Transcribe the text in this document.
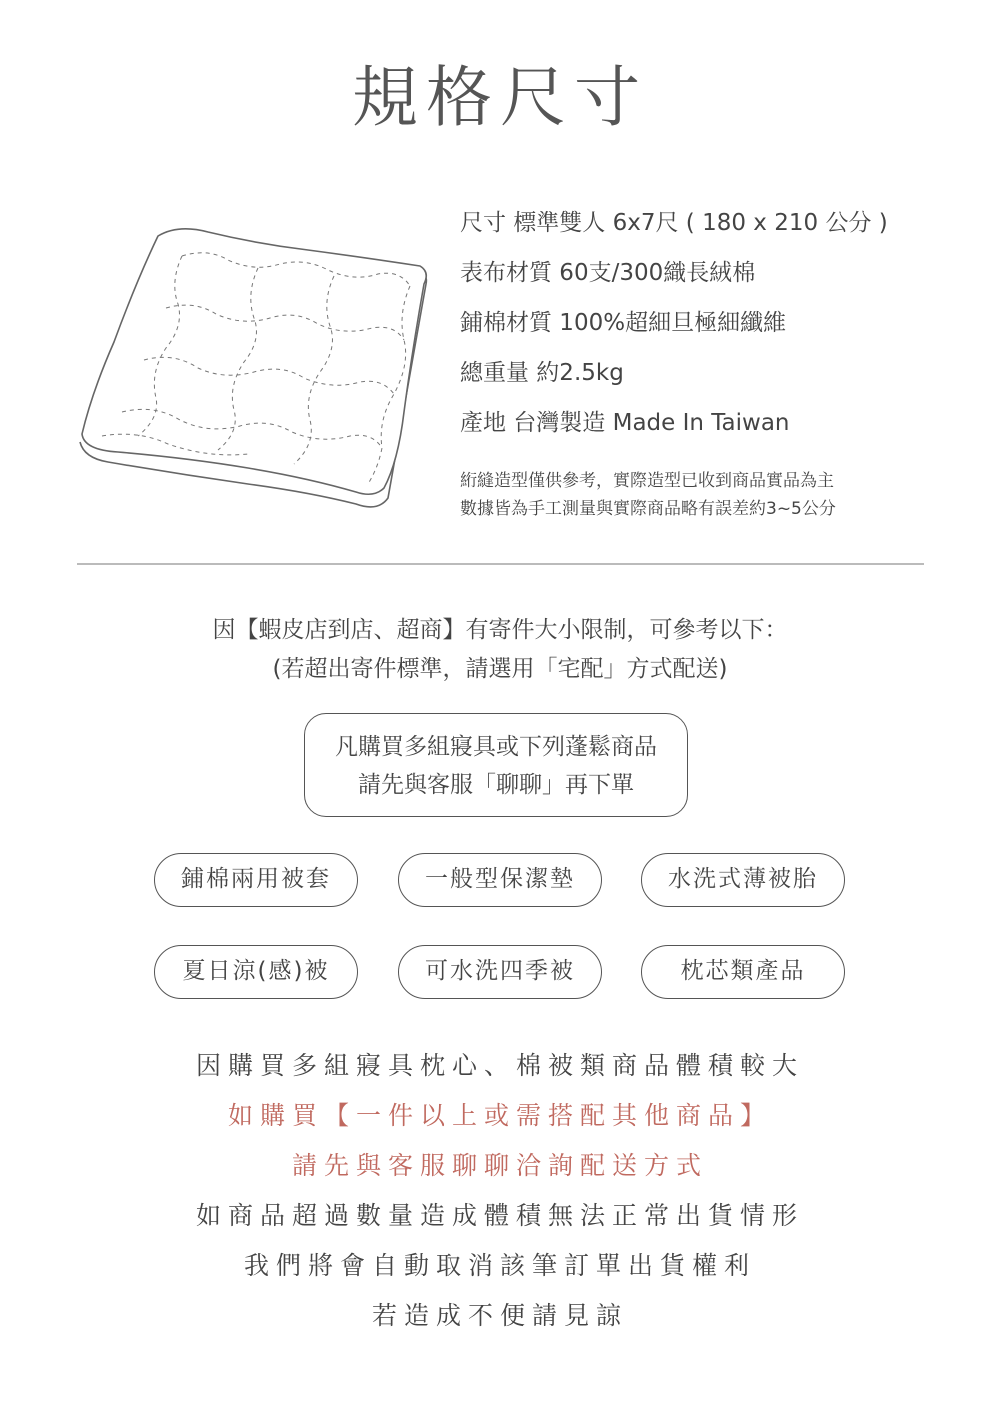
規格尺寸
尺寸 標準雙人 6x7尺 ( 180 x 210 公分 )
表布材質 60支/300織長絨棉
鋪棉材質 100%超細旦極細纖維
總重量 約2.5kg
產地 台灣製造 Made In Taiwan
絎縫造型僅供參考，實際造型已收到商品實品為主
數據皆為手工測量與實際商品略有誤差約3~5公分
因【蝦皮店到店、超商】有寄件大小限制，可參考以下：
(若超出寄件標準，請選用「宅配」方式配送)
凡購買多組寢具或下列蓬鬆商品
請先與客服「聊聊」再下單
鋪棉兩用被套	一般型保潔墊	水洗式薄被胎
夏日涼(感)被	可水洗四季被	枕芯類產品
因購買多組寢具枕心、棉被類商品體積較大
如購買【一件以上或需搭配其他商品】
請先與客服聊聊洽詢配送方式
如商品超過數量造成體積無法正常出貨情形
我們將會自動取消該筆訂單出貨權利
若造成不便請見諒
